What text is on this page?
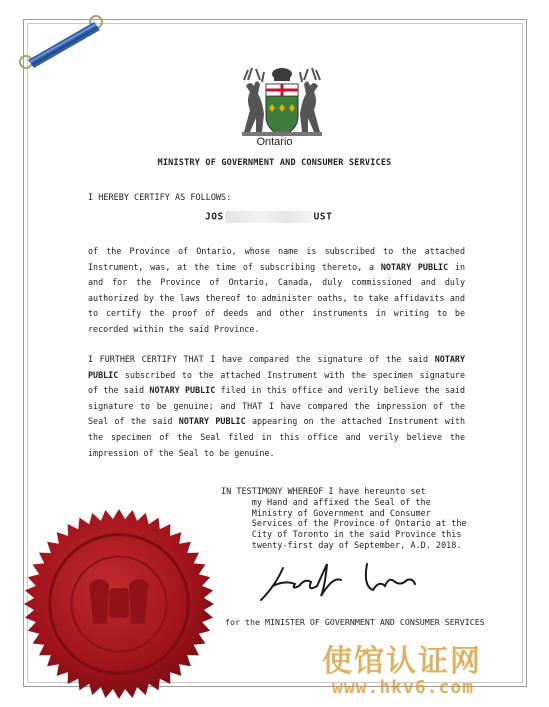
Ontario
MINISTRY OF GOVERNMENT AND CONSUMER SERVICES
I HEREBY CERTIFY AS FOLLOWS:
JOS	UST
of the Province of Ontario, whose name is subscribed to the attached Instrument, was, at the time of subscribing thereto, a NOTARY PUBLIC in and for the Province of Ontario, Canada, duly commissioned and duly authorized by the laws thereof to administer oaths, to take affidavits and to certify the proof of deeds and other instruments in writing to be recorded within the said Province.
I FURTHER CERTIFY THAT I have compared the signature of the said NOTARY PUBLIC subscribed to the attached Instrument with the specimen signature of the said NOTARY PUBLIC filed in this office and verily believe the said signature to be genuine; and THAT I have compared the impression of the Seal of the said NOTARY PUBLIC appearing on the attached Instrument with the specimen of the Seal filed in this office and verily believe the impression of the Seal to be genuine.
IN TESTIMONY WHEREOF I have hereunto set
my Hand and affixed the Seal of the
Ministry of Government and Consumer
Services of the Province of Ontario at the
City of Toronto in the said Province this
twenty-first day of September, A.D. 2018.
for the MINISTER OF GOVERNMENT AND CONSUMER SERVICES
使馆认证网
www.hkv6.com
